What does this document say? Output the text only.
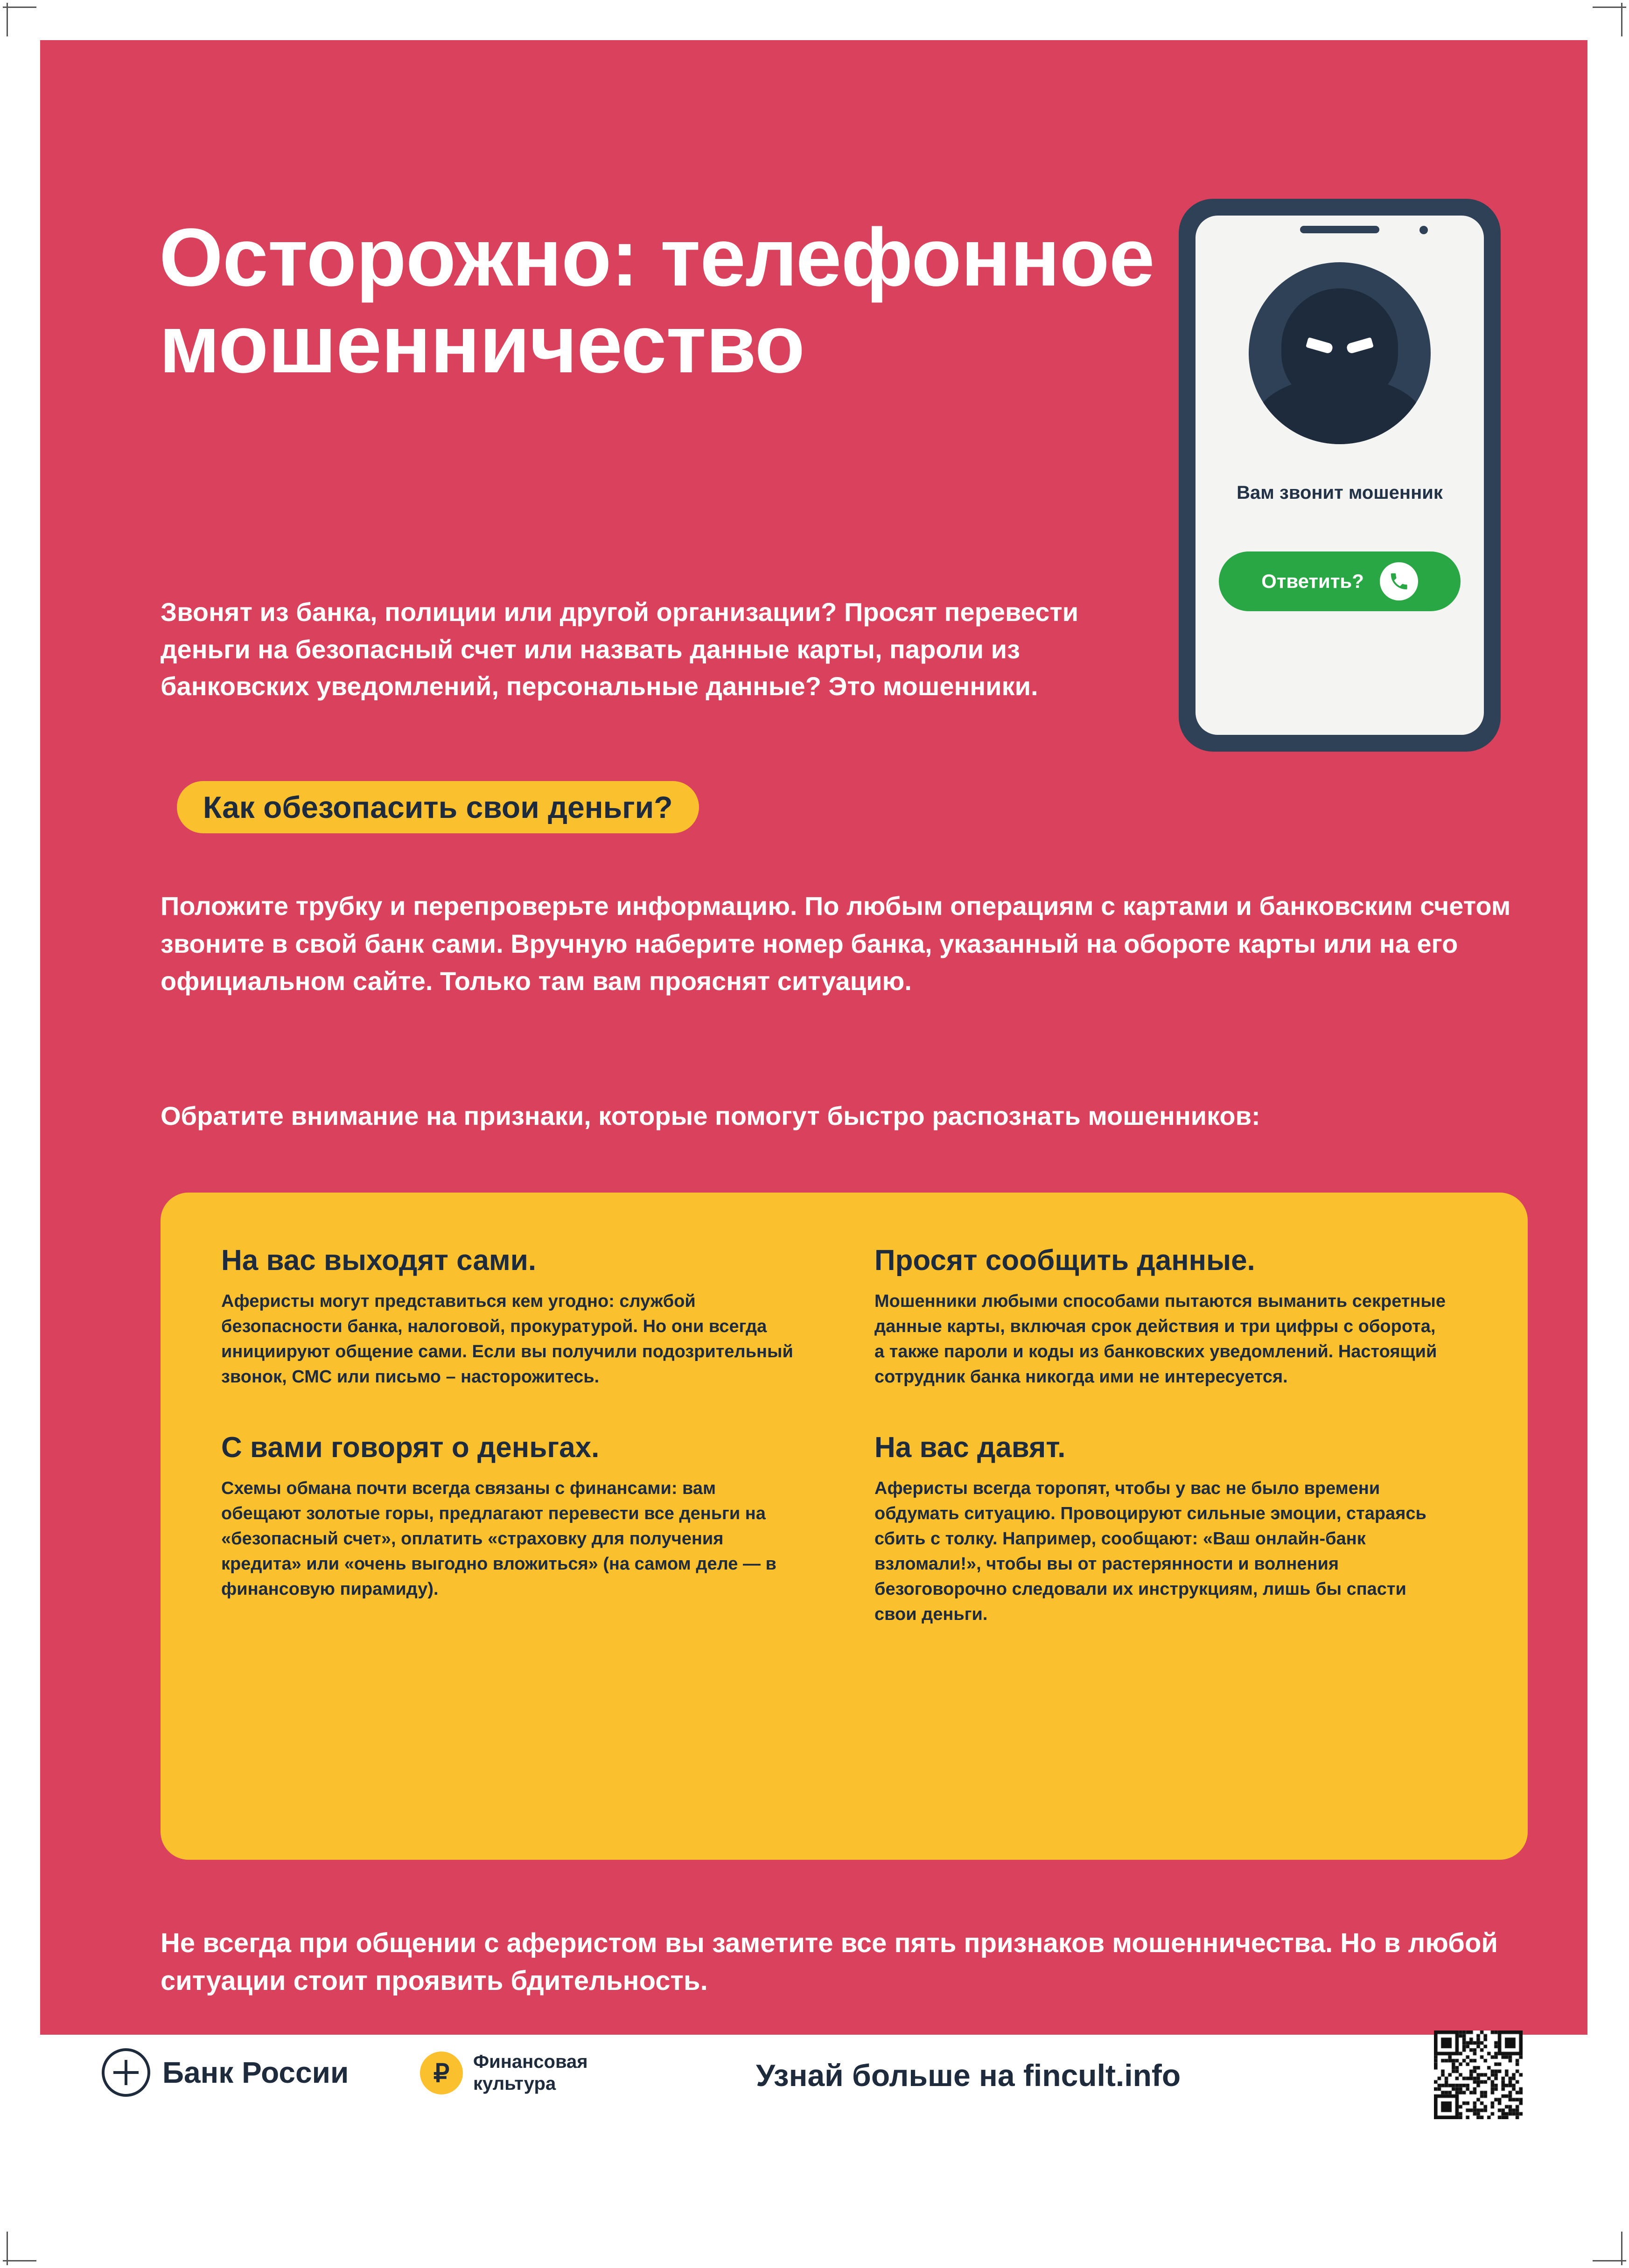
Осторожно: телефонное мошенничество

Звонят из банка, полиции или другой организации? Просят перевести деньги на безопасный счет или назвать данные карты, пароли из банковских уведомлений, персональные данные? Это мошенники.

Вам звонит мошенник
Ответить?
Как обезопасить свои деньги?

Положите трубку и перепроверьте информацию. По любым операциям с картами и банковским счетом звоните в свой банк сами. Вручную наберите номер банка, указанный на обороте карты или на его официальном сайте. Только там вам прояснят ситуацию.

Обратите внимание на признаки, которые помогут быстро распознать мошенников:

На вас выходят сами.

Аферисты могут представиться кем угодно: службой безопасности банка, налоговой, прокуратурой. Но они всегда инициируют общение сами. Если вы получили подозрительный звонок, СМС или письмо – насторожитесь.

С вами говорят о деньгах.

Схемы обмана почти всегда связаны с финансами: вам обещают золотые горы, предлагают перевести все деньги на «безопасный счет», оплатить «страховку для получения кредита» или «очень выгодно вложиться» (на самом деле — в финансовую пирамиду).

Просят сообщить данные.

Мошенники любыми способами пытаются выманить секретные данные карты, включая срок действия и три цифры с оборота, а также пароли и коды из банковских уведомлений. Настоящий сотрудник банка никогда ими не интересуется.

На вас давят.

Аферисты всегда торопят, чтобы у вас не было времени обдумать ситуацию. Провоцируют сильные эмоции, стараясь сбить с толку. Например, сообщают: «Ваш онлайн-банк взломали!», чтобы вы от растерянности и волнения безоговорочно следовали их инструкциям, лишь бы спасти свои деньги.

Не всегда при общении с аферистом вы заметите все пять признаков мошенничества. Но в любой ситуации стоит проявить бдительность.

Банк России	₽	Финансовая
культура	Узнай больше на fincult.info
